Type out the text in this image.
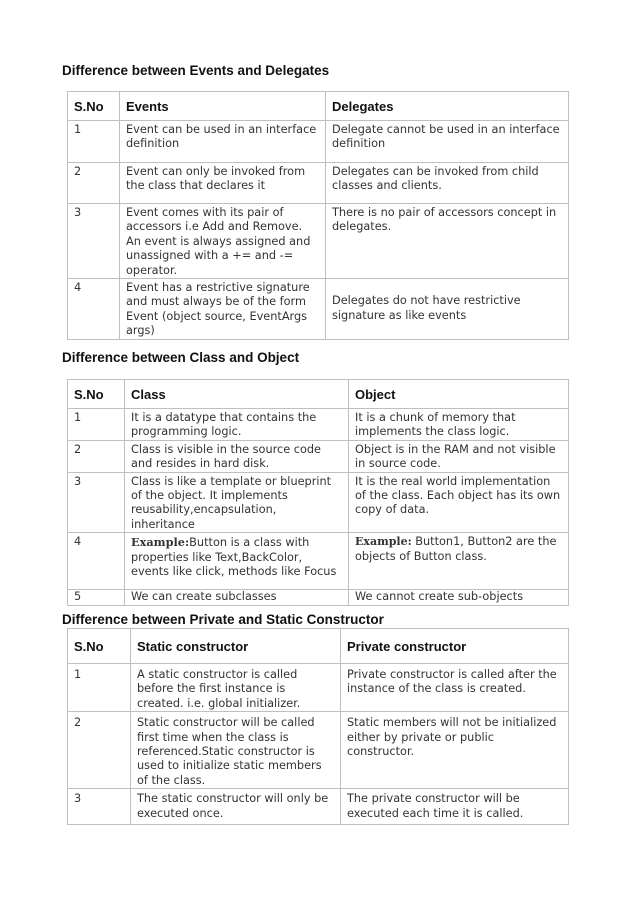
Difference between Events and Delegates
S.No	Events	Delegates
1	Event can be used in an interface definition	Delegate cannot be used in an interface definition
2	Event can only be invoked from the class that declares it	Delegates can be invoked from child classes and clients.
3	Event comes with its pair of accessors i.e Add and Remove. An event is always assigned and unassigned with a += and -= operator.	There is no pair of accessors concept in delegates.
4	Event has a restrictive signature and must always be of the form Event (object source, EventArgs args)	Delegates do not have restrictive signature as like events
Difference between Class and Object
S.No	Class	Object
1	It is a datatype that contains the programming logic.	It is a chunk of memory that implements the class logic.
2	Class is visible in the source code and resides in hard disk.	Object is in the RAM and not visible in source code.
3	Class is like a template or blueprint of the object. It implements reusability,encapsulation, inheritance	It is the real world implementation of the class. Each object has its own copy of data.
4	Example:Button is a class with properties like Text,BackColor, events like click, methods like Focus	Example: Button1, Button2 are the objects of Button class.
5	We can create subclasses	We cannot create sub-objects
Difference between Private and Static Constructor
S.No	Static constructor	Private constructor
1	A static constructor is called before the first instance is created. i.e. global initializer.	Private constructor is called after the instance of the class is created.
2	Static constructor will be called first time when the class is referenced.Static constructor is used to initialize static members of the class.	Static members will not be initialized either by private or public constructor.
3	The static constructor will only be executed once.	The private constructor will be executed each time it is called.
